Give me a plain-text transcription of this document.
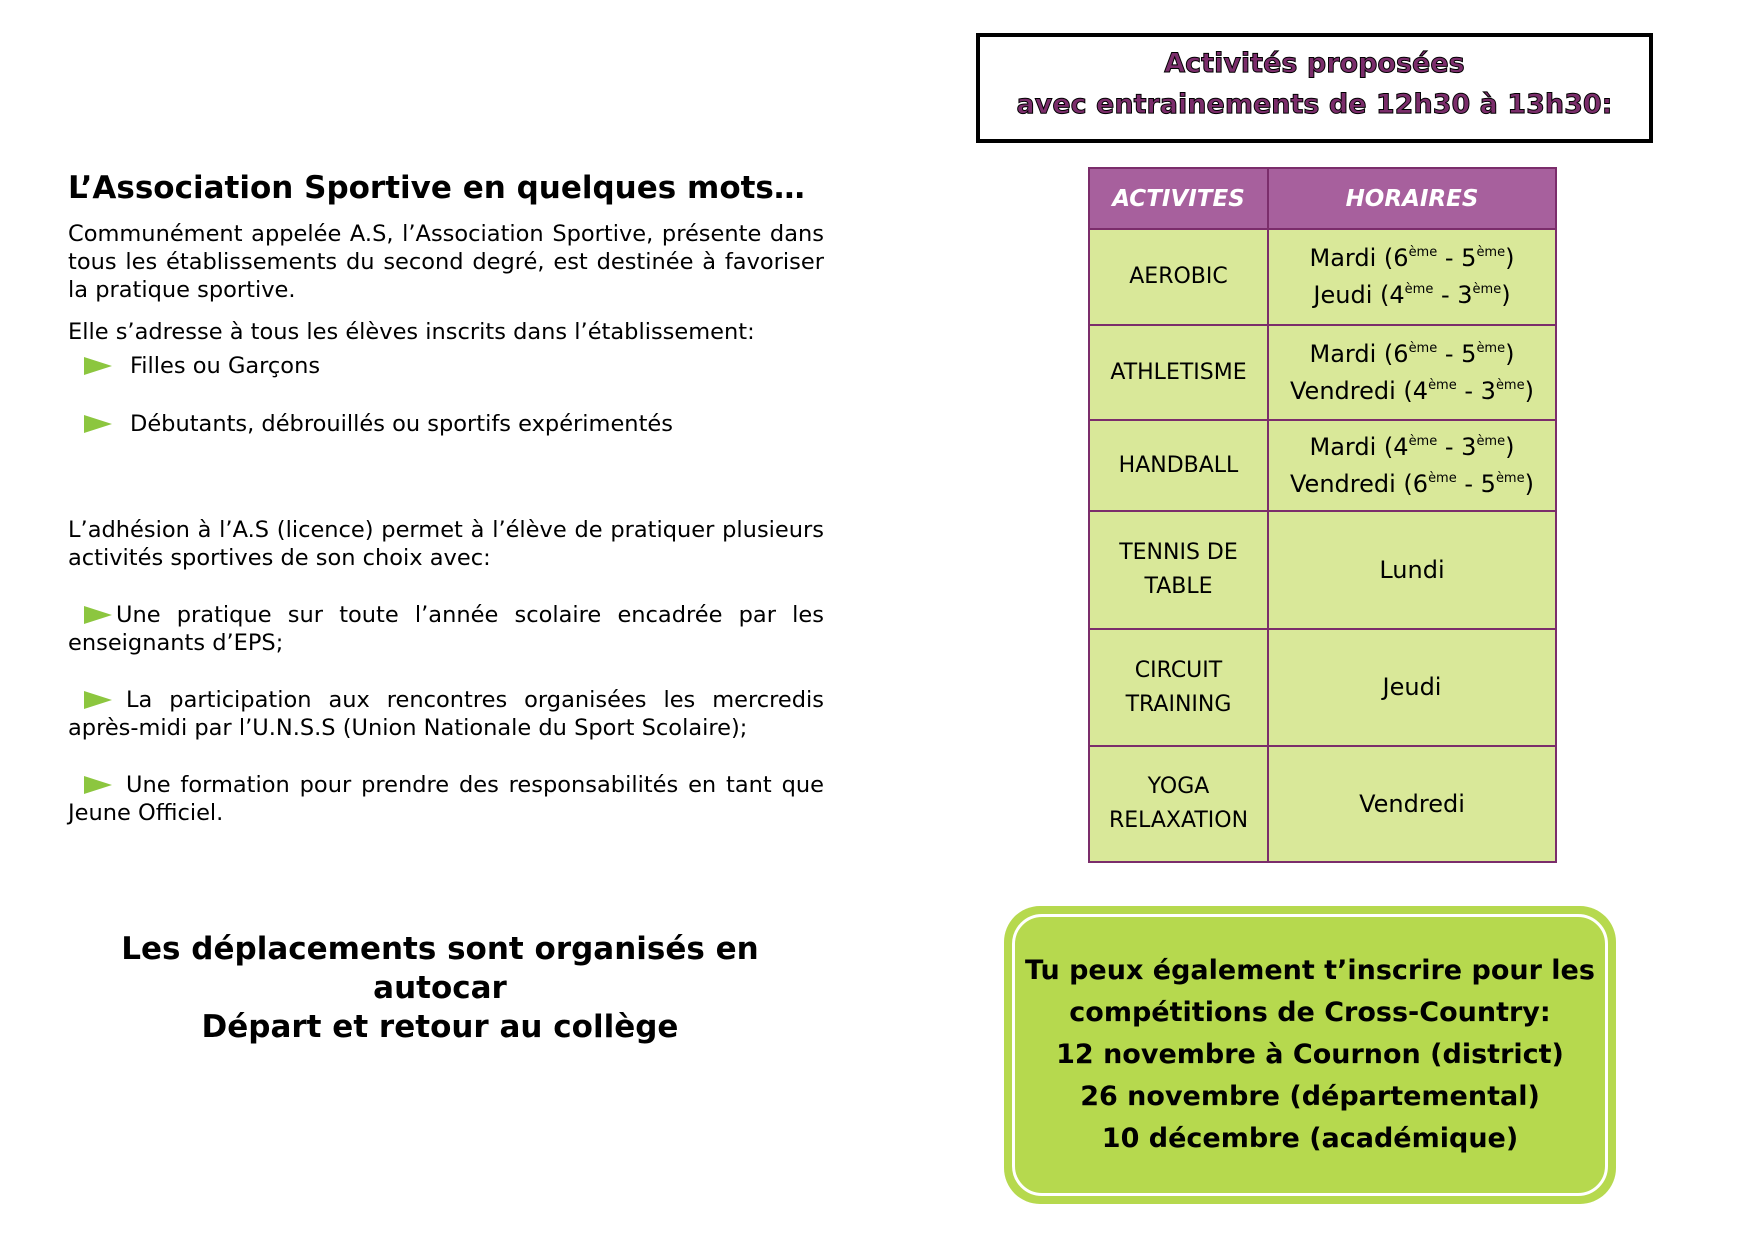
L’Association Sportive en quelques mots…

Communément appelée A.S, l’Association Sportive, présente dans tous les établissements du second degré, est destinée à favoriser la pratique sportive.

Elle s’adresse à tous les élèves inscrits dans l’établissement:

Filles ou Garçons
Débutants, débrouillés ou sportifs expérimentés

L’adhésion à l’A.S (licence) permet à l’élève de pratiquer plusieurs activités sportives de son choix avec:

Une pratique sur toute l’année scolaire encadrée par les enseignants d’EPS;

La participation aux rencontres organisées les mercredis après-midi par l’U.N.S.S (Union Nationale du Sport Scolaire);

Une formation pour prendre des responsabilités en tant que Jeune Officiel.

Les déplacements sont organisés en autocar
Départ et retour au collège
Activités proposées
avec entrainements de 12h30 à 13h30:
ACTIVITES	HORAIRES

AEROBIC	Mardi (6ème - 5ème)
Jeudi (4ème - 3ème)

ATHLETISME	Mardi (6ème - 5ème)
Vendredi (4ème - 3ème)

HANDBALL	Mardi (4ème - 3ème)
Vendredi (6ème - 5ème)

TENNIS DE
TABLE	Lundi

CIRCUIT
TRAINING	Jeudi

YOGA
RELAXATION	Vendredi
Tu peux également t’inscrire pour les
compétitions de Cross-Country:
12 novembre à Cournon (district)
26 novembre (départemental)
10 décembre (académique)
